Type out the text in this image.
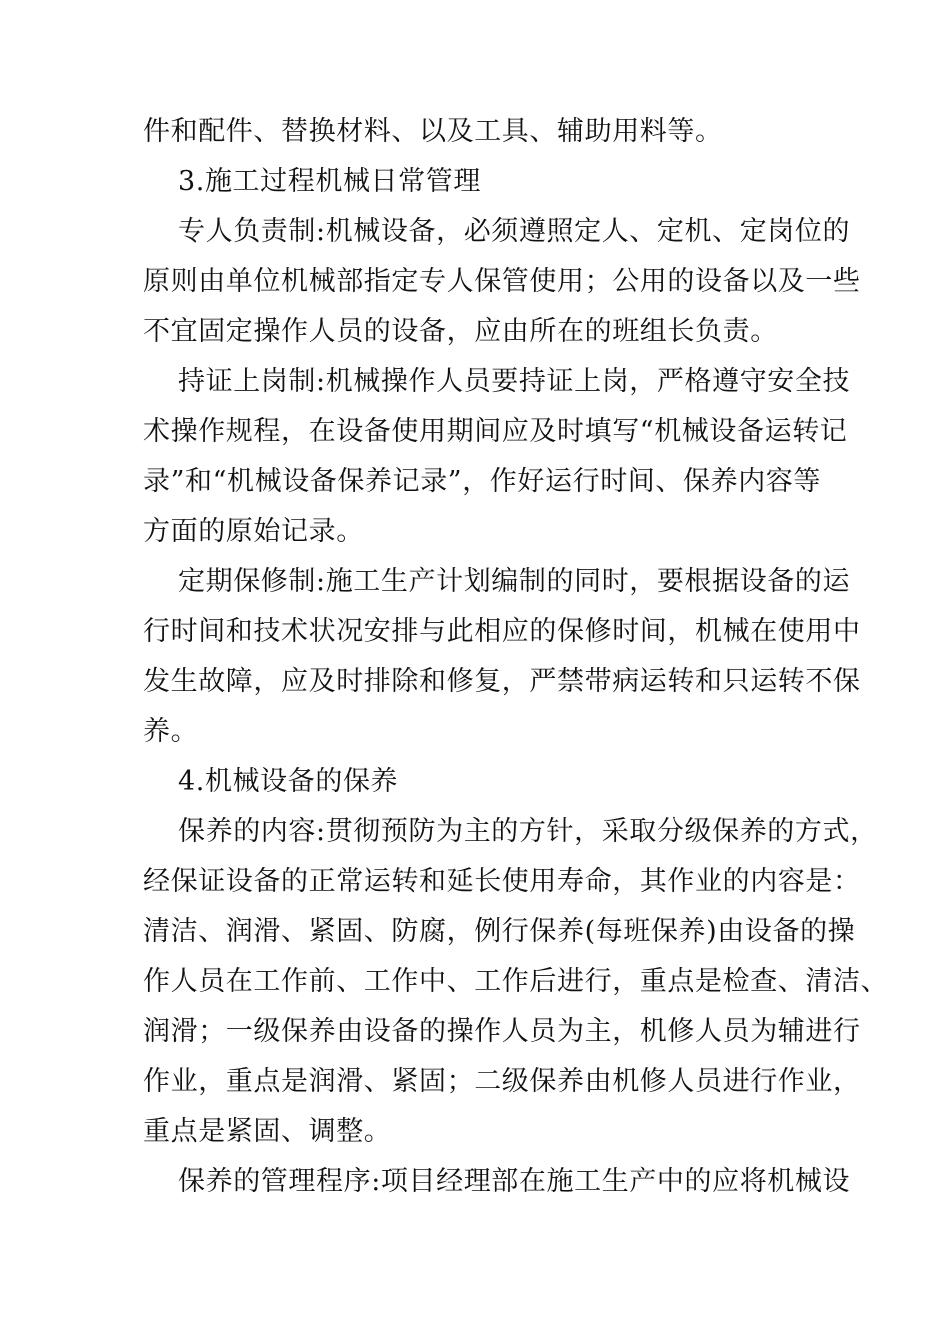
件和配件、替换材料、以及工具、辅助用料等。
3.施工过程机械日常管理
专人负责制:机械设备，必须遵照定人、定机、定岗位的
原则由单位机械部指定专人保管使用；公用的设备以及一些
不宜固定操作人员的设备，应由所在的班组长负责。
持证上岗制:机械操作人员要持证上岗，严格遵守安全技
术操作规程，在设备使用期间应及时填写“机械设备运转记
录”和“机械设备保养记录”，作好运行时间、保养内容等
方面的原始记录。
定期保修制:施工生产计划编制的同时，要根据设备的运
行时间和技术状况安排与此相应的保修时间，机械在使用中
发生故障，应及时排除和修复，严禁带病运转和只运转不保
养。
4.机械设备的保养
保养的内容:贯彻预防为主的方针，采取分级保养的方式，
经保证设备的正常运转和延长使用寿命，其作业的内容是：
清洁、润滑、紧固、防腐，例行保养(每班保养)由设备的操
作人员在工作前、工作中、工作后进行，重点是检查、清洁、
润滑；一级保养由设备的操作人员为主，机修人员为辅进行
作业，重点是润滑、紧固；二级保养由机修人员进行作业，
重点是紧固、调整。
保养的管理程序:项目经理部在施工生产中的应将机械设
